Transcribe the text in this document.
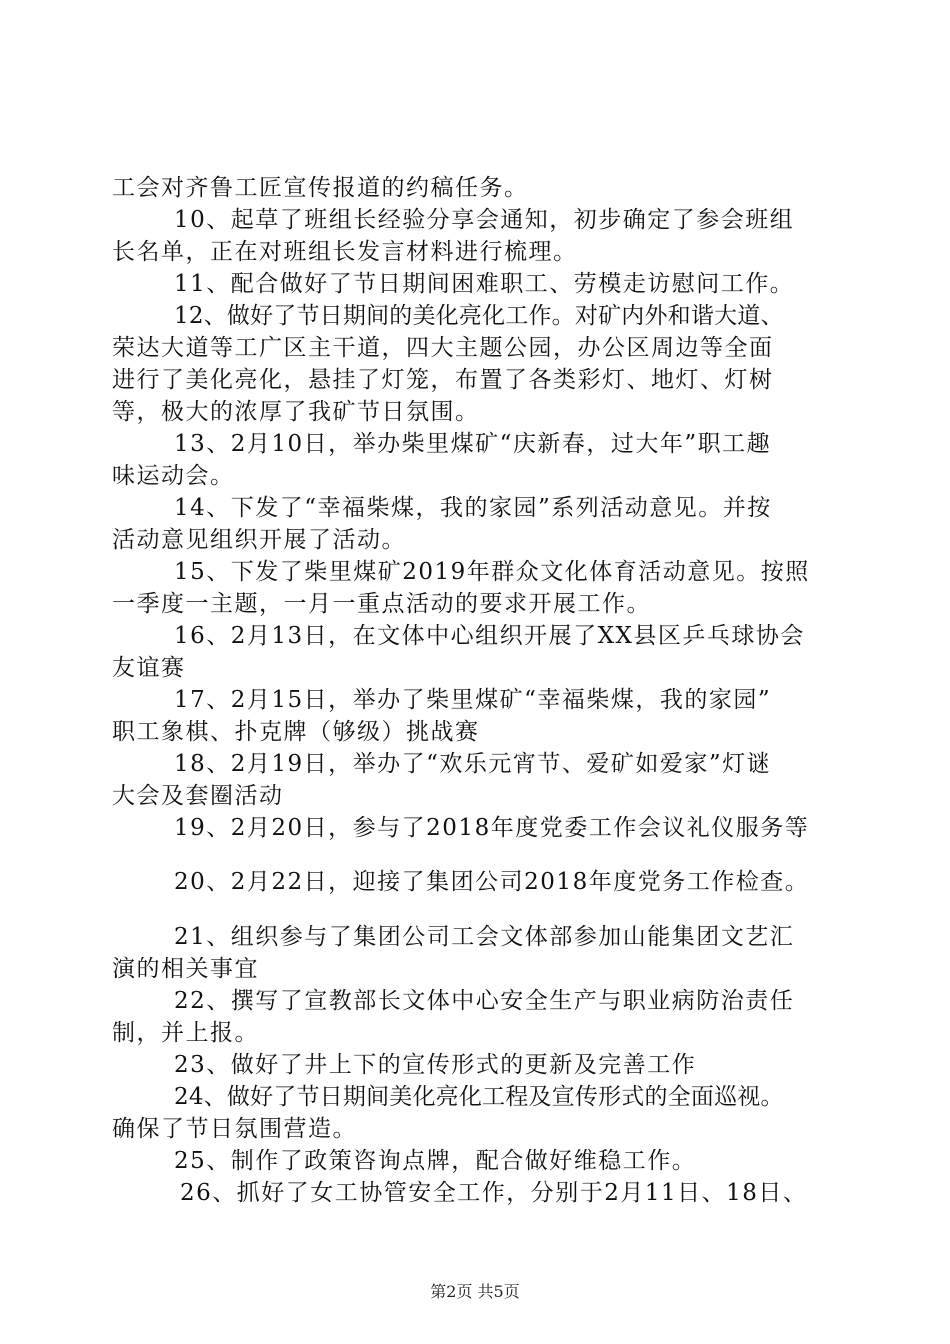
工会对齐鲁工匠宣传报道的约稿任务。
10、起草了班组长经验分享会通知，初步确定了参会班组
长名单，正在对班组长发言材料进行梳理。
11、配合做好了节日期间困难职工、劳模走访慰问工作。
12、做好了节日期间的美化亮化工作。对矿内外和谐大道、
荣达大道等工广区主干道，四大主题公园，办公区周边等全面
进行了美化亮化，悬挂了灯笼，布置了各类彩灯、地灯、灯树
等，极大的浓厚了我矿节日氛围。
13、2月10日，举办柴里煤矿“庆新春，过大年”职工趣
味运动会。
14、下发了“幸福柴煤，我的家园”系列活动意见。并按
活动意见组织开展了活动。
15、下发了柴里煤矿2019年群众文化体育活动意见。按照
一季度一主题，一月一重点活动的要求开展工作。
16、2月13日，在文体中心组织开展了XX县区乒乓球协会
友谊赛
17、2月15日，举办了柴里煤矿“幸福柴煤，我的家园”
职工象棋、扑克牌（够级）挑战赛
18、2月19日，举办了“欢乐元宵节、爱矿如爱家”灯谜
大会及套圈活动
19、2月20日，参与了2018年度党委工作会议礼仪服务等
20、2月22日，迎接了集团公司2018年度党务工作检查。
21、组织参与了集团公司工会文体部参加山能集团文艺汇
演的相关事宜
22、撰写了宣教部长文体中心安全生产与职业病防治责任
制，并上报。
23、做好了井上下的宣传形式的更新及完善工作
24、做好了节日期间美化亮化工程及宣传形式的全面巡视。
确保了节日氛围营造。
25、制作了政策咨询点牌，配合做好维稳工作。
26、抓好了女工协管安全工作，分别于2月11日、18日、
第2页 共5页
